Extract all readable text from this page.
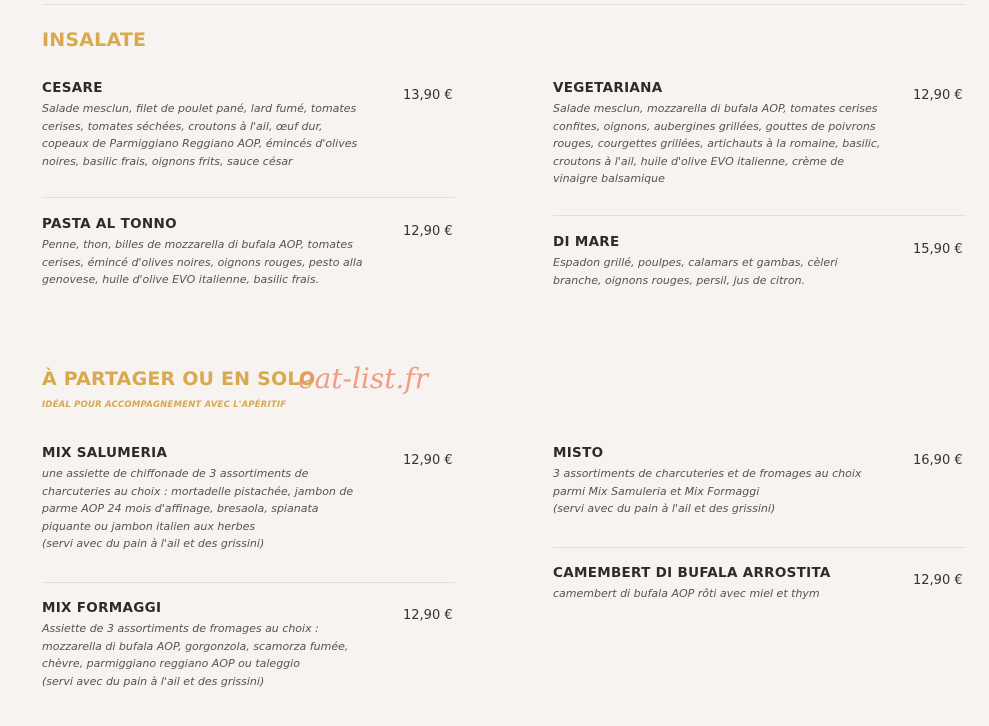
INSALATE

CESARE

Salade mesclun, filet de poulet pané, lard fumé, tomates
cerises, tomates séchées, croutons à l'ail, œuf dur,
copeaux de Parmiggiano Reggiano AOP, émincés d'olives
noires, basilic frais, oignons frits, sauce césar

13,90 €	VEGETARIANA

Salade mesclun, mozzarella di bufala AOP, tomates cerises
confites, oignons, aubergines grillées, gouttes de poivrons
rouges, courgettes grillées, artichauts à la romaine, basilic,
croutons à l'ail, huile d'olive EVO italienne, crème de
vinaigre balsamique

12,90 €

PASTA AL TONNO

Penne, thon, billes de mozzarella di bufala AOP, tomates
cerises, émincé d'olives noires, oignons rouges, pesto alla
genovese, huile d'olive EVO italienne, basilic frais.

12,90 €

DI MARE

Espadon grillé, poulpes, calamars et gambas, cèleri
branche, oignons rouges, persil, jus de citron.

15,90 €
À PARTAGER OU EN SOLO
IDÉAL POUR ACCOMPAGNEMENT AVEC L'APÉRITIF
eat-list.fr

MIX SALUMERIA

une assiette de chiffonade de 3 assortiments de
charcuteries au choix : mortadelle pistachée, jambon de
parme AOP 24 mois d'affinage, bresaola, spianata
piquante ou jambon italien aux herbes
(servi avec du pain à l'ail et des grissini)

12,90 €	MISTO

3 assortiments de charcuteries et de fromages au choix
parmi Mix Samuleria et Mix Formaggi
(servi avec du pain à l'ail et des grissini)

16,90 €

CAMEMBERT DI BUFALA ARROSTITA

camembert di bufala AOP rôti avec miel et thym

12,90 €

MIX FORMAGGI

Assiette de 3 assortiments de fromages au choix :
mozzarella di bufala AOP, gorgonzola, scamorza fumée,
chèvre, parmiggiano reggiano AOP ou taleggio
(servi avec du pain à l'ail et des grissini)

12,90 €
